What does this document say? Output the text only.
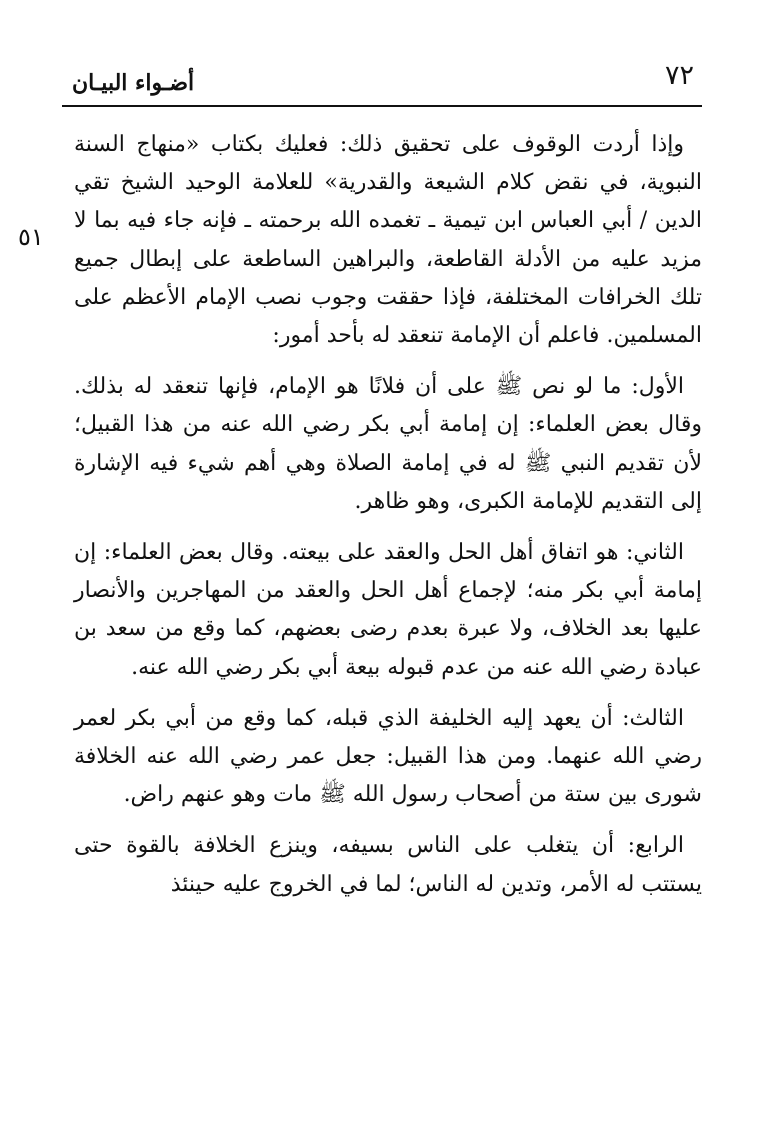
٧٢
أضـواء البيـان
٥١

وإذا أردت الوقوف على تحقيق ذلك: فعليك بكتاب «منهاج السنة النبوية، في نقض كلام الشيعة والقدرية» للعلامة الوحيد الشيخ تقي الدين / أبي العباس ابن تيمية ـ تغمده الله برحمته ـ فإنه جاء فيه بما لا مزيد عليه من الأدلة القاطعة، والبراهين الساطعة على إبطال جميع تلك الخرافات المختلفة، فإذا حققت وجوب نصب الإمام الأعظم على المسلمين. فاعلم أن الإمامة تنعقد له بأحد أمور:

الأول: ما لو نص ﷺ على أن فلانًا هو الإمام، فإنها تنعقد له بذلك. وقال بعض العلماء: إن إمامة أبي بكر رضي الله عنه من هذا القبيل؛ لأن تقديم النبي ﷺ له في إمامة الصلاة وهي أهم شيء فيه الإشارة إلى التقديم للإمامة الكبرى، وهو ظاهر.

الثاني: هو اتفاق أهل الحل والعقد على بيعته. وقال بعض العلماء: إن إمامة أبي بكر منه؛ لإجماع أهل الحل والعقد من المهاجرين والأنصار عليها بعد الخلاف، ولا عبرة بعدم رضى بعضهم، كما وقع من سعد بن عبادة رضي الله عنه من عدم قبوله بيعة أبي بكر رضي الله عنه.

الثالث: أن يعهد إليه الخليفة الذي قبله، كما وقع من أبي بكر لعمر رضي الله عنهما. ومن هذا القبيل: جعل عمر رضي الله عنه الخلافة شورى بين ستة من أصحاب رسول الله ﷺ مات وهو عنهم راض.

الرابع: أن يتغلب على الناس بسيفه، وينزع الخلافة بالقوة حتى يستتب له الأمر، وتدين له الناس؛ لما في الخروج عليه حينئذ
